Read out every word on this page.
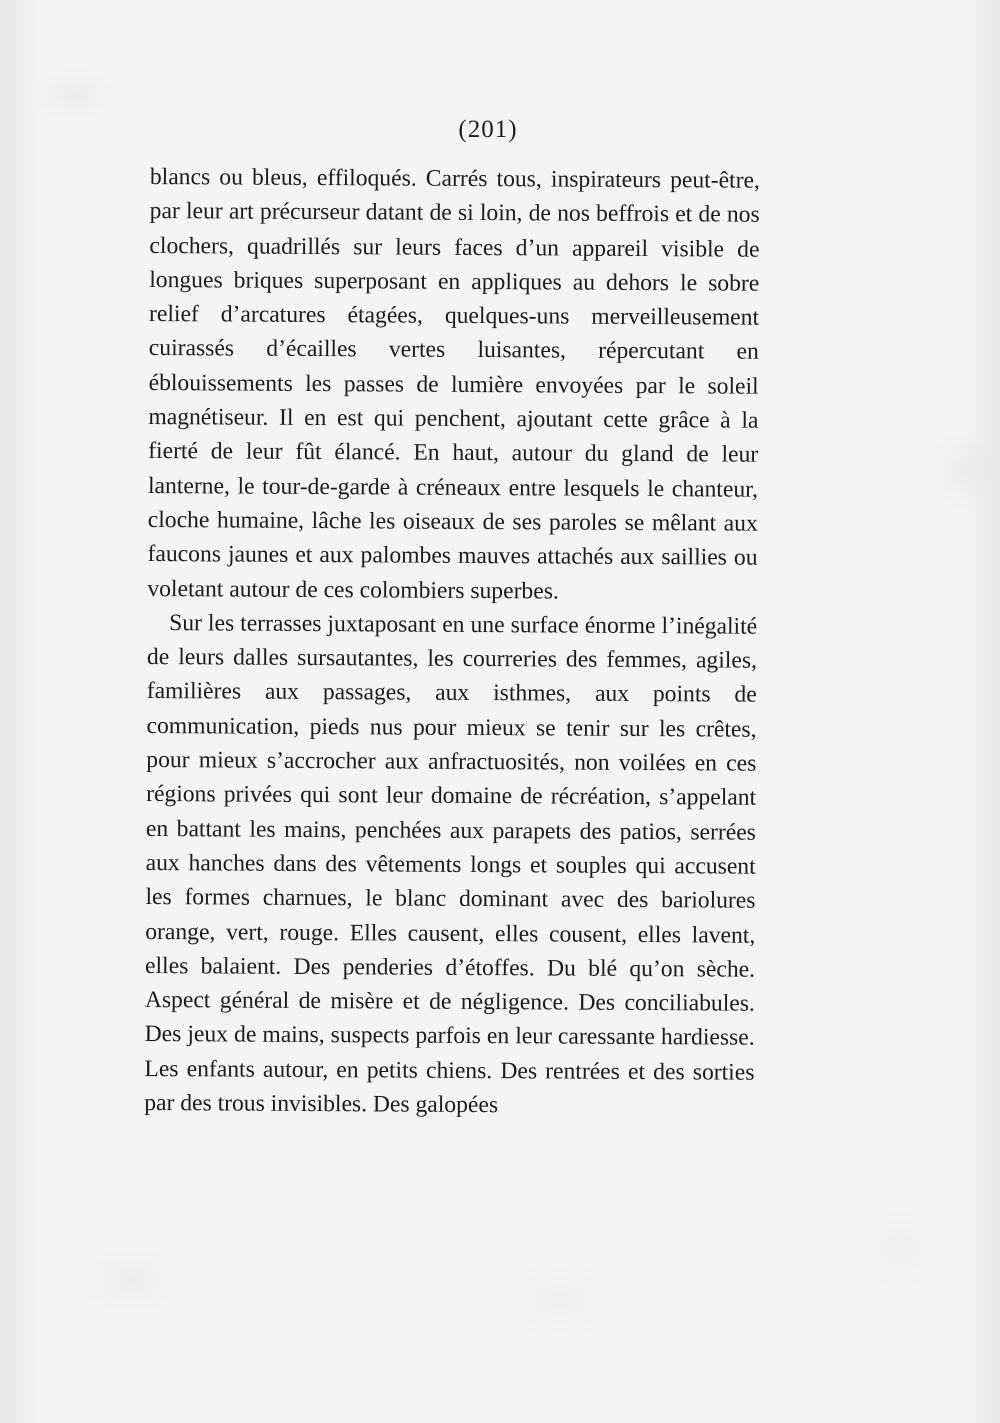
(201)

blancs ou bleus, effiloqués. Carrés tous, inspirateurs peut-être, par leur art précurseur datant de si loin, de nos beffrois et de nos clochers, quadrillés sur leurs faces d’un appareil visible de longues briques superposant en appliques au dehors le sobre relief d’arcatures étagées, quelques-uns merveilleusement cuirassés d’écailles vertes luisantes, répercutant en éblouissements les passes de lumière envoyées par le soleil magnétiseur. Il en est qui penchent, ajoutant cette grâce à la fierté de leur fût élancé. En haut, autour du gland de leur lanterne, le tour-de-garde à créneaux entre lesquels le chanteur, cloche humaine, lâche les oiseaux de ses paroles se mêlant aux faucons jaunes et aux palombes mauves attachés aux saillies ou voletant autour de ces colombiers superbes.

Sur les terrasses juxtaposant en une surface énorme l’inégalité de leurs dalles sursautantes, les courreries des femmes, agiles, familières aux passages, aux isthmes, aux points de communication, pieds nus pour mieux se tenir sur les crêtes, pour mieux s’accrocher aux anfractuosités, non voilées en ces régions privées qui sont leur domaine de récréation, s’appelant en battant les mains, penchées aux parapets des patios, serrées aux hanches dans des vêtements longs et souples qui accusent les formes charnues, le blanc dominant avec des bariolures orange, vert, rouge. Elles causent, elles cousent, elles lavent, elles balaient. Des penderies d’étoffes. Du blé qu’on sèche. Aspect général de misère et de négligence. Des conciliabules. Des jeux de mains, suspects parfois en leur caressante hardiesse. Les enfants autour, en petits chiens. Des rentrées et des sorties par des trous invisibles. Des galopées
